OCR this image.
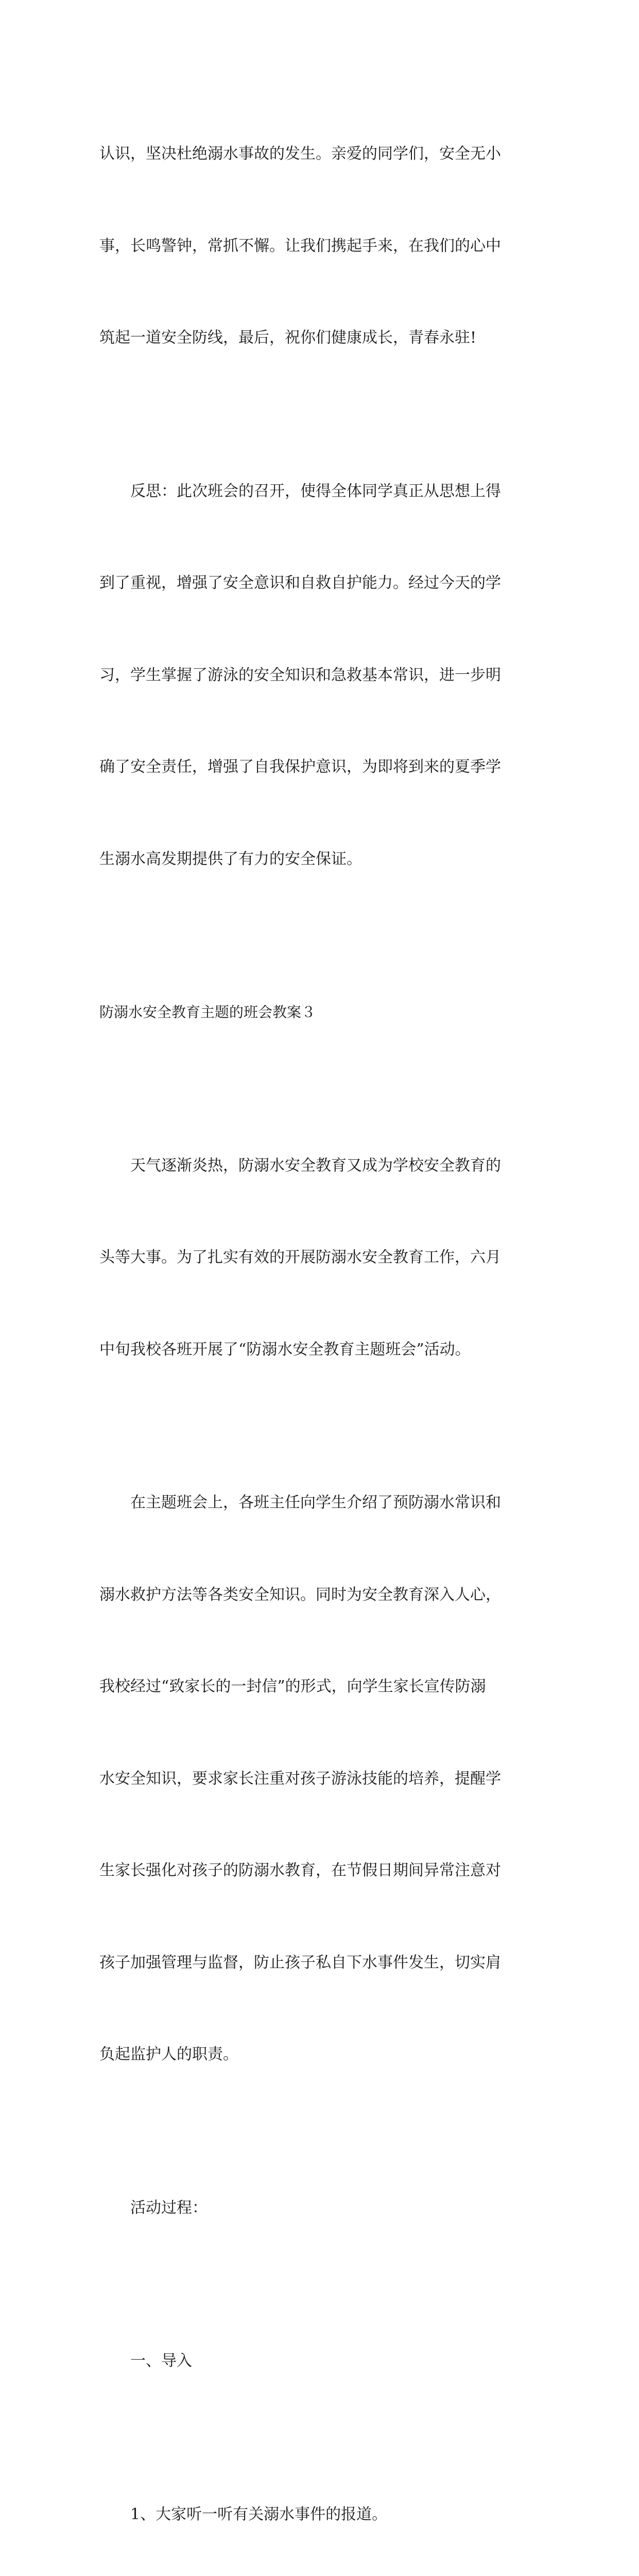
认识，坚决杜绝溺水事故的发生。亲爱的同学们，安全无小

事，长鸣警钟，常抓不懈。让我们携起手来，在我们的心中

筑起一道安全防线，最后，祝你们健康成长，青春永驻!

　　反思：此次班会的召开，使得全体同学真正从思想上得

到了重视，增强了安全意识和自救自护能力。经过今天的学

习，学生掌握了游泳的安全知识和急救基本常识，进一步明

确了安全责任，增强了自我保护意识，为即将到来的夏季学

生溺水高发期提供了有力的安全保证。

防溺水安全教育主题的班会教案３

　　天气逐渐炎热，防溺水安全教育又成为学校安全教育的

头等大事。为了扎实有效的开展防溺水安全教育工作，六月

中旬我校各班开展了“防溺水安全教育主题班会”活动。

　　在主题班会上，各班主任向学生介绍了预防溺水常识和

溺水救护方法等各类安全知识。同时为安全教育深入人心，

我校经过“致家长的一封信”的形式，向学生家长宣传防溺

水安全知识，要求家长注重对孩子游泳技能的培养，提醒学

生家长强化对孩子的防溺水教育，在节假日期间异常注意对

孩子加强管理与监督，防止孩子私自下水事件发生，切实肩

负起监护人的职责。

　　活动过程：

　　一、导入

　　1、大家听一听有关溺水事件的报道。
